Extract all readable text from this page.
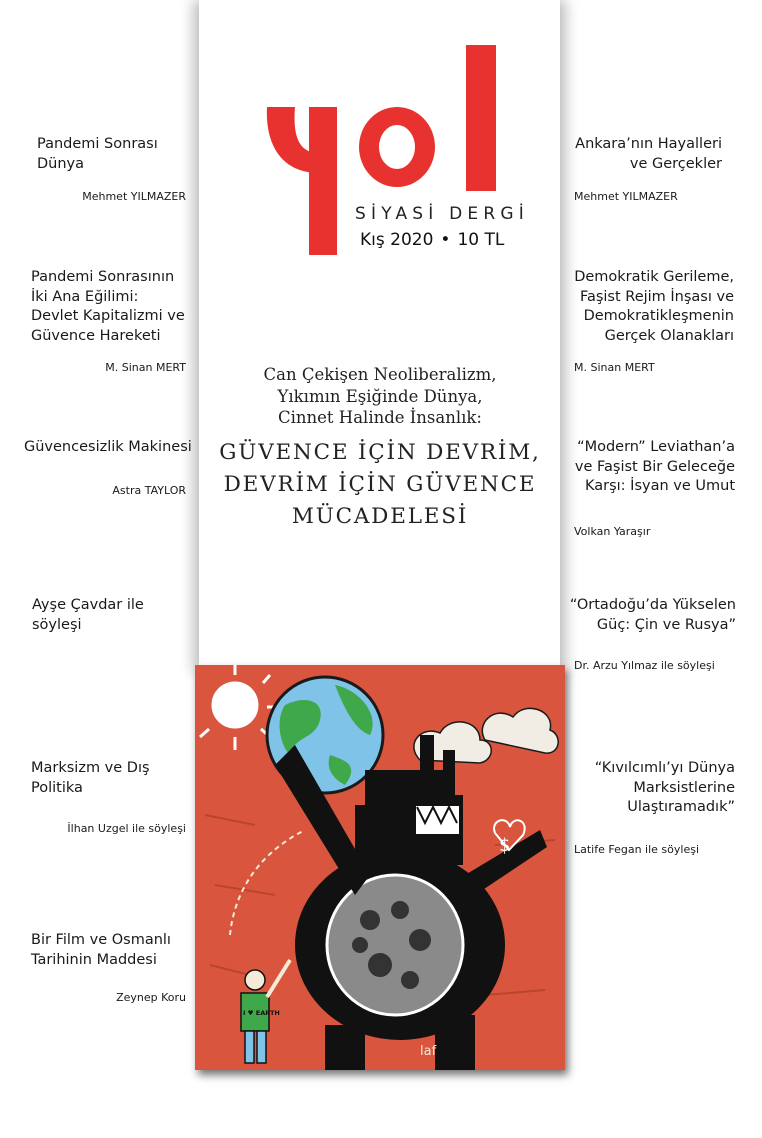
SİYASİ DERGİ
Kış 2020 • 10 TL
Can Çekişen Neoliberalizm,
Yıkımın Eşiğinde Dünya,
Cinnet Halinde İnsanlık:
GÜVENCE İÇİN DEVRİM,
DEVRİM İÇİN GÜVENCE
MÜCADELESİ
Pandemi Sonrası
Dünya
Mehmet YILMAZER
Pandemi Sonrasının
İki Ana Eğilimi:
Devlet Kapitalizmi ve
Güvence Hareketi
M. Sinan MERT
Güvencesizlik Makinesi
Astra TAYLOR
Ayşe Çavdar ile
söyleşi
Marksizm ve Dış
Politika
İlhan Uzgel ile söyleşi
Bir Film ve Osmanlı
Tarihinin Maddesi
Zeynep Koru
Ankara’nın Hayalleri
ve Gerçekler
Mehmet YILMAZER
Demokratik Gerileme,
Faşist Rejim İnşası ve
Demokratikleşmenin
Gerçek Olanakları
M. Sinan MERT
“Modern” Leviathan’a
ve Faşist Bir Geleceğe
Karşı: İsyan ve Umut
Volkan Yaraşır
“Ortadoğu’da Yükselen
Güç: Çin ve Rusya”
Dr. Arzu Yılmaz ile söyleşi
“Kıvılcımlı’yı Dünya
Marksistlerine
Ulaştıramadık”
Latife Fegan ile söyleşi
$
I ♥ EARTH
laf
